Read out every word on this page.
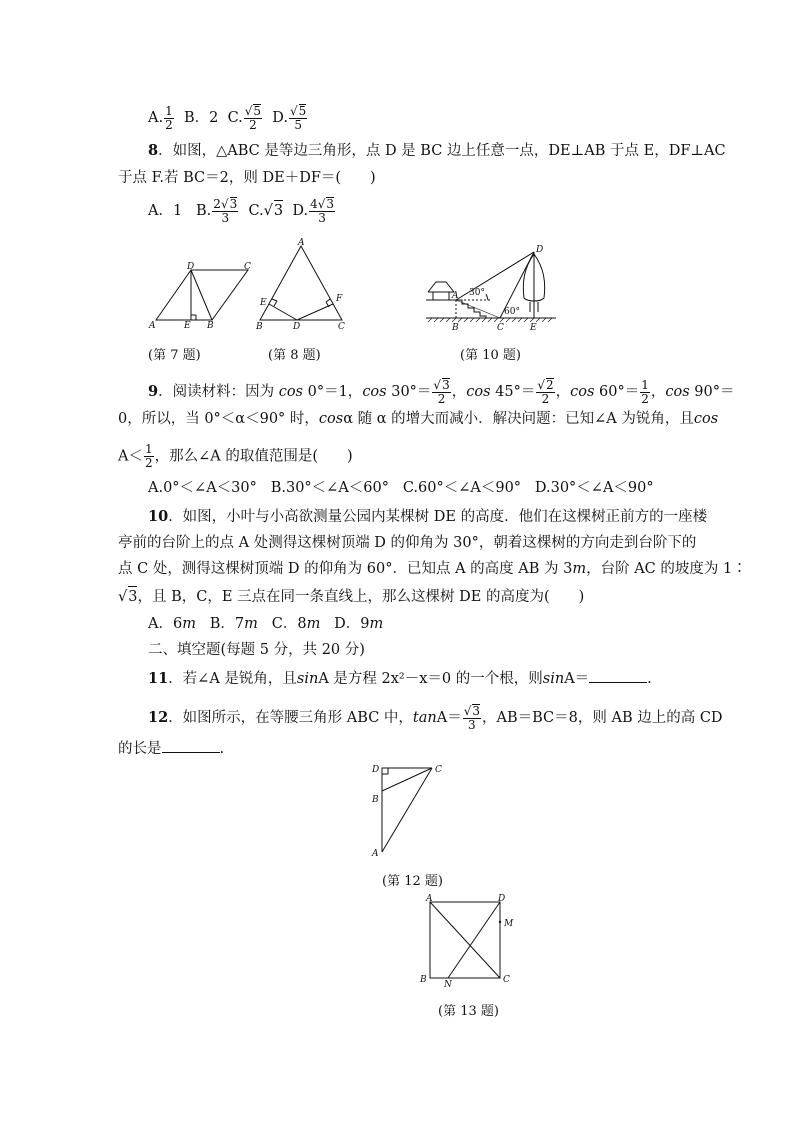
A. $\frac{1}{2}$ B．2 C. $\frac{√5}{2} D$. $\frac{√5}{5}$
8．如图，△ABC 是等边三角形，点 D 是 BC 边上任意一点，DE⊥AB 于点 E，DF⊥AC
于点 F.若 BC＝2，则 DE＋DF＝(　　)
A．1 B. $\frac{2√3}{3} C.√3$ D. $\frac{4√3}{3}$
A
D	C
E B
(第 7 题)
A
E	F
B	D	C
(第 8 题)
30°
60°
A
B	C
D
E
(第 10 题)
9．阅读材料：因为 cos 0°＝1，$\cos 30^\circ= \frac{√3}{2}$ ，$\cos 45^\circ= \frac{√2}{2}$ ，$\cos 60^\circ= \frac{1}{2}$ ，cos 90°＝
0，所以，当 0°＜α＜90° 时，cosα 随 α 的增大而减小．解决问题：已知∠A 为锐角，且cos
$A< \frac{1}{2}$ ，那么∠A 的取值范围是(　　)
A.0°＜∠A＜30° B.30°＜∠A＜60° C.60°＜∠A＜90° D.30°＜∠A＜90°
10．如图，小叶与小高欲测量公园内某棵树 DE 的高度．他们在这棵树正前方的一座楼
亭前的台阶上的点 A 处测得这棵树顶端 D 的仰角为 30°，朝着这棵树的方向走到台阶下的
点 C 处，测得这棵树顶端 D 的仰角为 60°．已知点 A 的高度 AB 为 3m，台阶 AC 的坡度为 1∶
√3，且 B，C，E 三点在同一条直线上，那么这棵树 DE 的高度为(　　)
A．6m B．7m C．8m D．9m
二、填空题(每题 5 分，共 20 分)
11．若∠A 是锐角，且sinA 是方程 2x²－x＝0 的一个根，则sinA＝	.
12．如图所示，在等腰三角形 ABC 中，$\tan A= \frac{√3}{3}$ ，AB＝BC＝8，则 AB 边上的高 CD
的长是	.
D	C
B
A
(第 12 题)
A	D
M
B N	C
(第 13 题)
